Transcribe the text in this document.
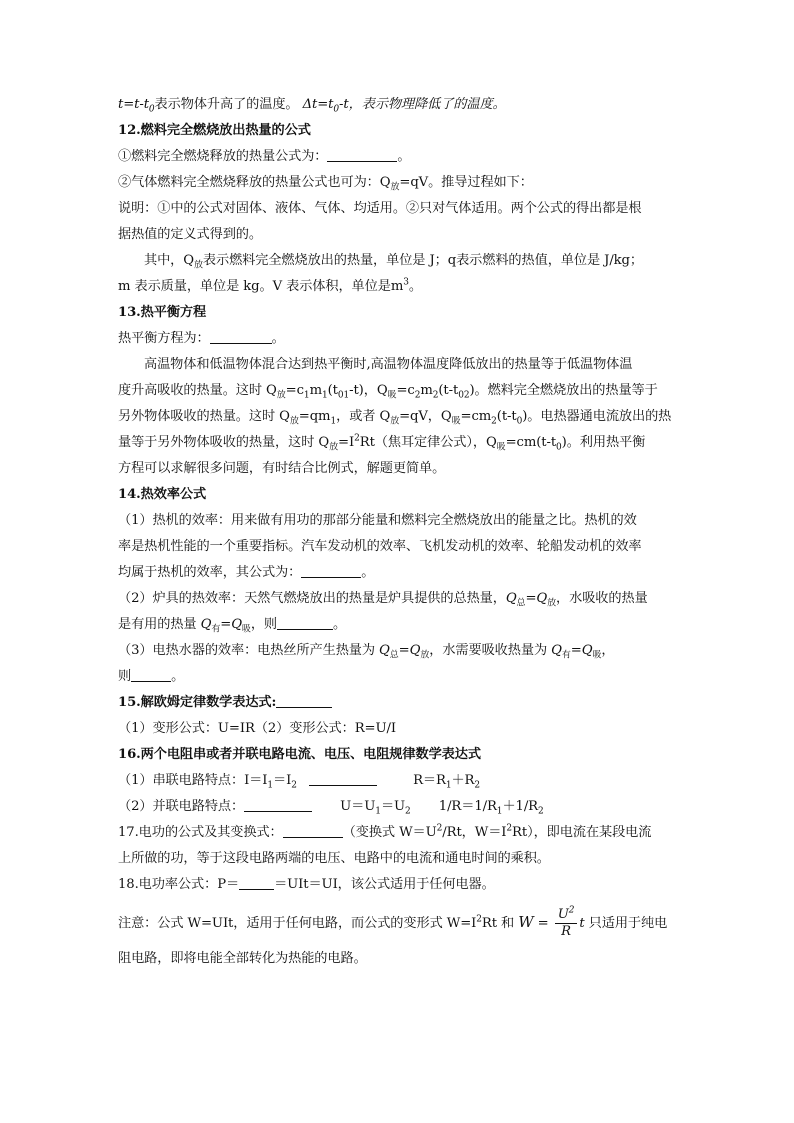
$t=t-t_0$表示物体升高了的温度。 $\Delta t=t_0-t$，表示物理降低了的温度。
12.燃料完全燃烧放出热量的公式
①燃料完全燃烧释放的热量公式为：	。
②气体燃料完全燃烧释放的热量公式也可为：$Q_放=qV$。推导过程如下：
说明：①中的公式对固体、液体、气体、均适用。②只对气体适用。两个公式的得出都是根
据热值的定义式得到的。
其中，$Q_放$表示燃料完全燃烧放出的热量，单位是 J；q表示燃料的热值，单位是 J/kg；
m 表示质量，单位是 kg。V 表示体积，单位是$m^3$。
13.热平衡方程
热平衡方程为：	。
高温物体和低温物体混合达到热平衡时,高温物体温度降低放出的热量等于低温物体温
度升高吸收的热量。这时 $Q_放=c_1m_1(t_{01}-t)$，$Q_吸=c_2m_2(t-t_{02})$。燃料完全燃烧放出的热量等于
另外物体吸收的热量。这时 $Q_放=qm_1$，或者 $Q_放=qV$，$Q_吸=cm_2(t-t_0)$。电热器通电流放出的热
量等于另外物体吸收的热量，这时 $Q_放=I^2Rt$（焦耳定律公式），$Q_吸=cm(t-t_0)$。利用热平衡
方程可以求解很多问题，有时结合比例式，解题更简单。
14.热效率公式
（1）热机的效率：用来做有用功的那部分能量和燃料完全燃烧放出的能量之比。热机的效
率是热机性能的一个重要指标。汽车发动机的效率、飞机发动机的效率、轮船发动机的效率
均属于热机的效率，其公式为：	。
（2）炉具的热效率：天然气燃烧放出的热量是炉具提供的总热量，$Q_总=Q_放$，水吸收的热量
是有用的热量 $Q_有=Q_吸$，则	。
（3）电热水器的效率：电热丝所产生热量为 $Q_总=Q_放$，水需要吸收热量为 $Q_有=Q_吸$，
则	。
15.解欧姆定律数学表达式:
（1）变形公式：U=IR（2）变形公式：R=U/I
16.两个电阻串或者并联电路电流、电压、电阻规律数学表达式
（1）串联电路特点：$I=I_1=I_2$	$R=R_1+R_2$
（2）并联电路特点：	$U=U_1=U_2$ $1/R=1/R_1+1/R_2$
17.电功的公式及其变换式：	（变换式 $W=U^2/Rt$，$W=I^2Rt$），即电流在某段电流
上所做的功，等于这段电路两端的电压、电路中的电流和通电时间的乘积。
18.电功率公式：P＝	＝UIt＝UI，该公式适用于任何电器。
注意：公式 W=UIt，适用于任何电路，而公式的变形式 $W=I^2Rt$ 和 $W = \frac{U^2}{R}$ t 只适用于纯电
阻电路，即将电能全部转化为热能的电路。
